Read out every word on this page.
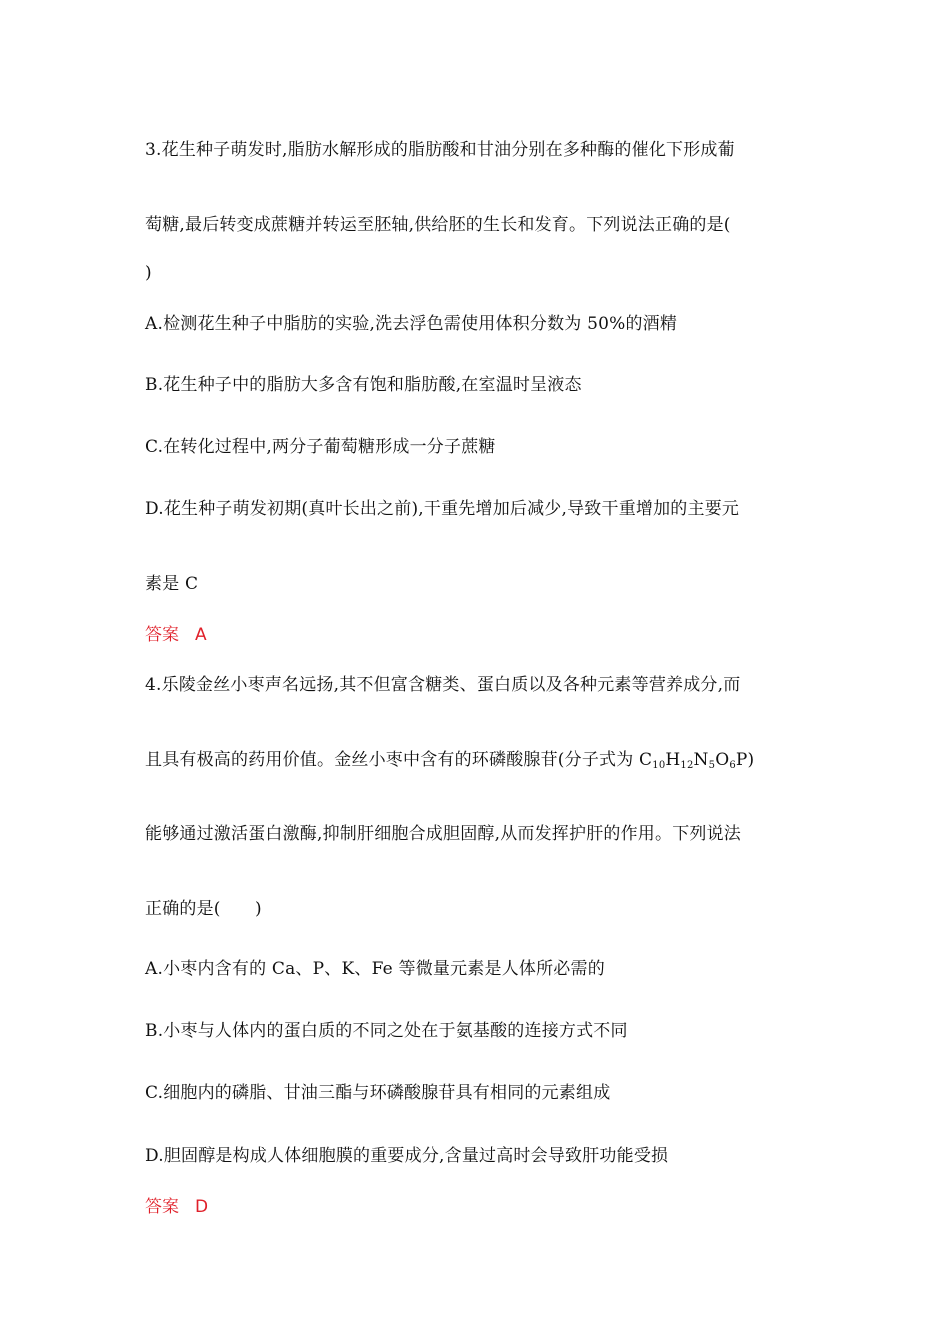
3.花生种子萌发时,脂肪水解形成的脂肪酸和甘油分别在多种酶的催化下形成葡
萄糖,最后转变成蔗糖并转运至胚轴,供给胚的生长和发育。下列说法正确的是(
)
A.检测花生种子中脂肪的实验,洗去浮色需使用体积分数为 50%的酒精
B.花生种子中的脂肪大多含有饱和脂肪酸,在室温时呈液态
C.在转化过程中,两分子葡萄糖形成一分子蔗糖
D.花生种子萌发初期(真叶长出之前),干重先增加后减少,导致干重增加的主要元
素是 C
答案 A
4.乐陵金丝小枣声名远扬,其不但富含糖类、蛋白质以及各种元素等营养成分,而
且具有极高的药用价值。金丝小枣中含有的环磷酸腺苷(分子式为 $C_{10}H_{12}N_5O_6P$)
能够通过激活蛋白激酶,抑制肝细胞合成胆固醇,从而发挥护肝的作用。下列说法
正确的是(　　)
A.小枣内含有的 Ca、P、K、Fe 等微量元素是人体所必需的
B.小枣与人体内的蛋白质的不同之处在于氨基酸的连接方式不同
C.细胞内的磷脂、甘油三酯与环磷酸腺苷具有相同的元素组成
D.胆固醇是构成人体细胞膜的重要成分,含量过高时会导致肝功能受损
答案 D
